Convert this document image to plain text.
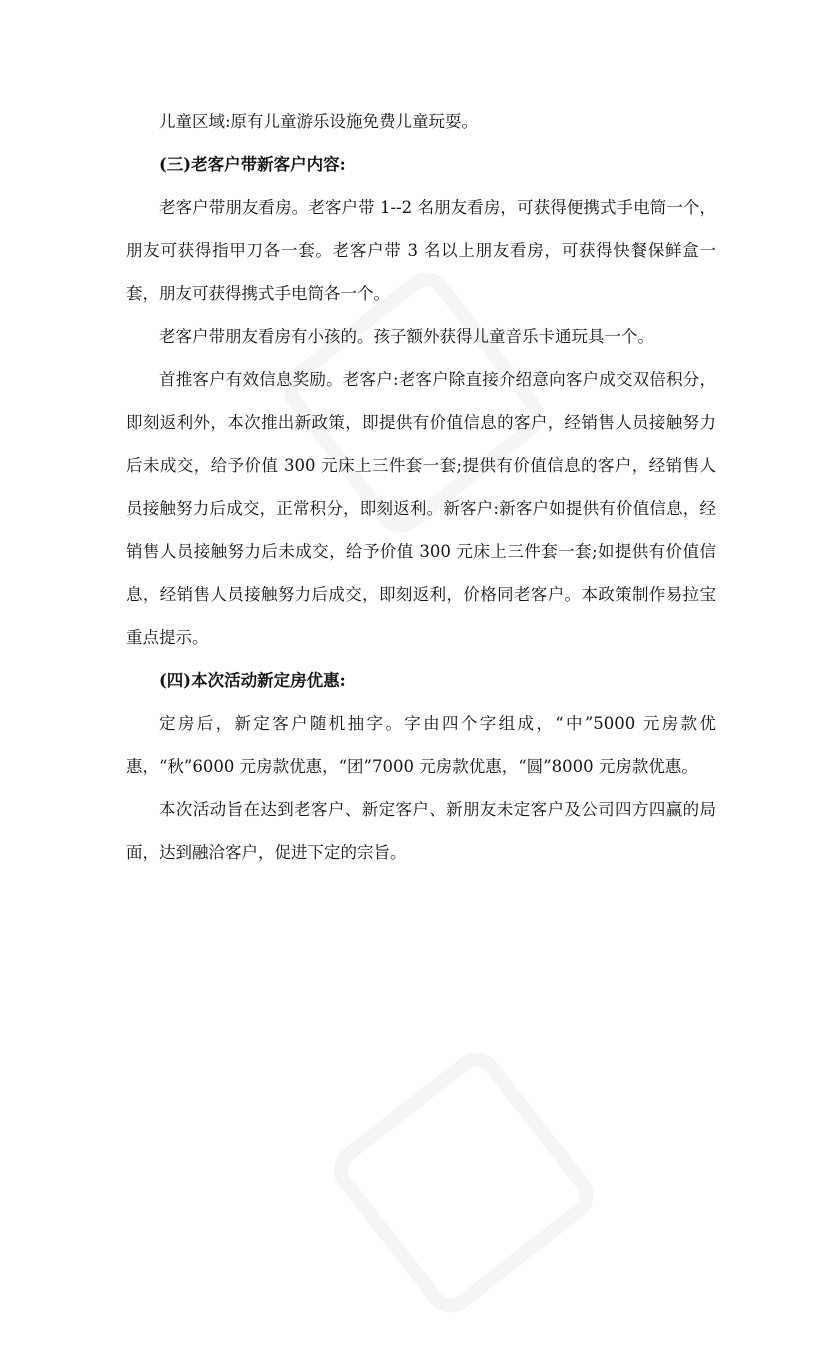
儿童区域:原有儿童游乐设施免费儿童玩耍。

(三)老客户带新客户内容:

老客户带朋友看房。老客户带 1--2 名朋友看房，可获得便携式手电筒一个，朋友可获得指甲刀各一套。老客户带 3 名以上朋友看房，可获得快餐保鲜盒一套，朋友可获得携式手电筒各一个。

老客户带朋友看房有小孩的。孩子额外获得儿童音乐卡通玩具一个。

首推客户有效信息奖励。老客户:老客户除直接介绍意向客户成交双倍积分，即刻返利外，本次推出新政策，即提供有价值信息的客户，经销售人员接触努力后未成交，给予价值 300 元床上三件套一套;提供有价值信息的客户，经销售人员接触努力后成交，正常积分，即刻返利。新客户:新客户如提供有价值信息，经销售人员接触努力后未成交，给予价值 300 元床上三件套一套;如提供有价值信息，经销售人员接触努力后成交，即刻返利，价格同老客户。本政策制作易拉宝重点提示。

(四)本次活动新定房优惠:

定房后，新定客户随机抽字。字由四个字组成，“中”5000 元房款优惠，“秋”6000 元房款优惠，“团”7000 元房款优惠，“圆”8000 元房款优惠。

本次活动旨在达到老客户、新定客户、新朋友未定客户及公司四方四赢的局面，达到融洽客户，促进下定的宗旨。
